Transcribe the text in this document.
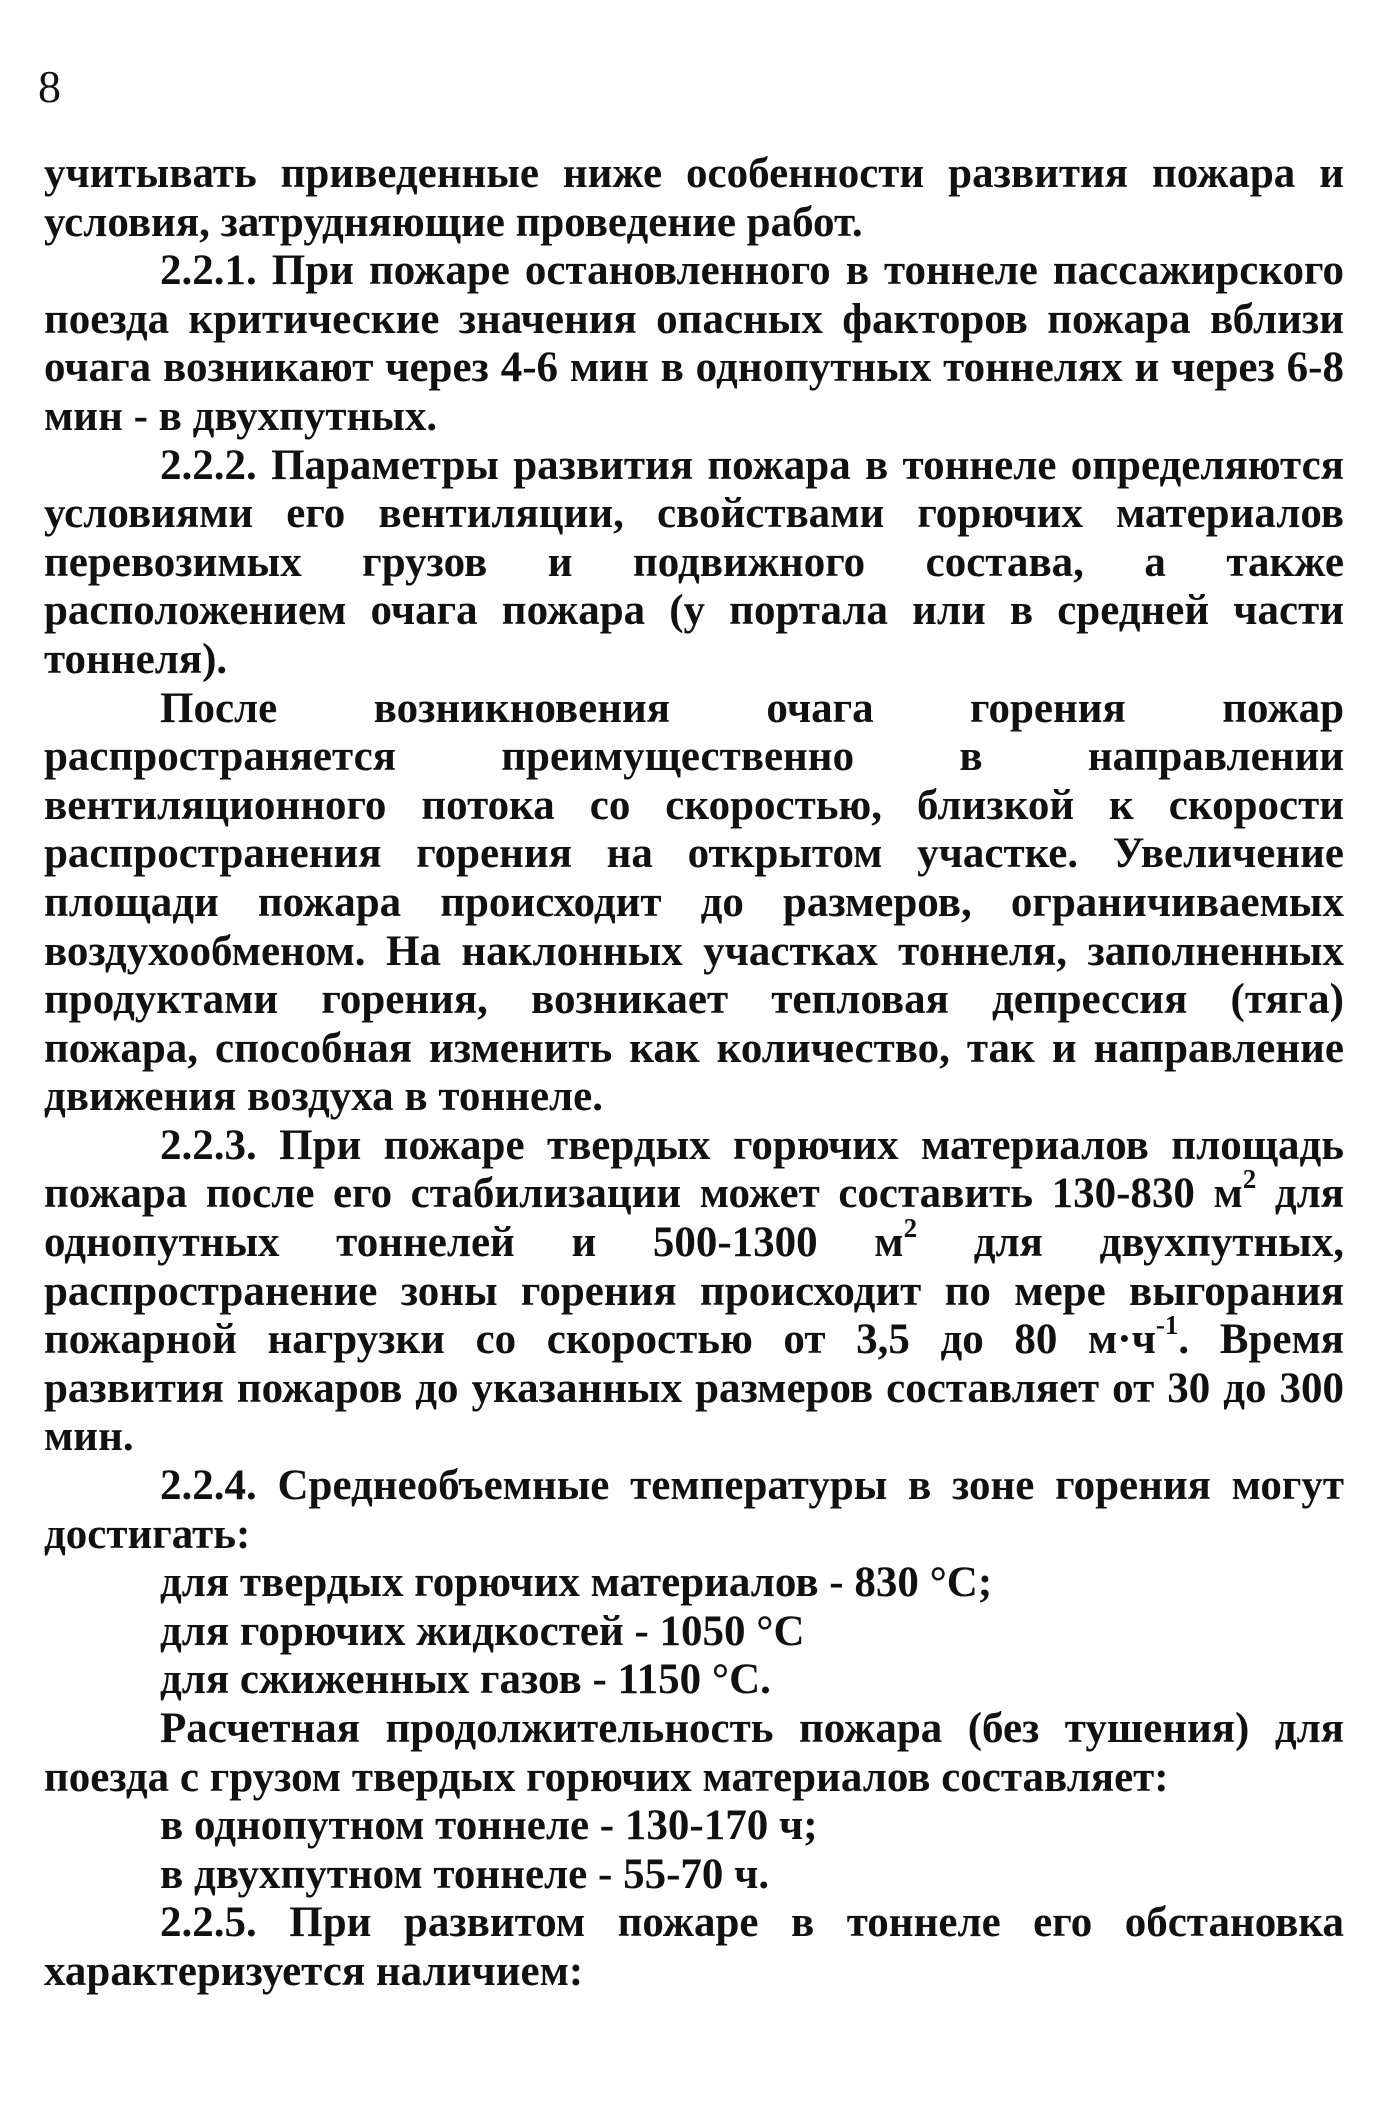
8

учитывать приведенные ниже особенности развития пожара и условия, затрудняющие проведение работ.

2.2.1. При пожаре остановленного в тоннеле пассажирского поезда критические значения опасных факторов пожара вблизи очага возникают через 4-6 мин в однопутных тоннелях и через 6-8 мин - в двухпутных.

2.2.2. Параметры развития пожара в тоннеле определяются условиями его вентиляции, свойствами горючих материалов перевозимых грузов и подвижного состава, а также расположением очага пожара (у портала или в средней части тоннеля).

После возникновения очага горения пожар распространяется преимущественно в направлении вентиляционного потока со скоростью, близкой к скорости распространения горения на открытом участке. Увеличение площади пожара происходит до размеров, ограничиваемых воздухообменом. На наклонных участках тоннеля, заполненных продуктами горения, возникает тепловая депрессия (тяга) пожара, способная изменить как количество, так и направление движения воздуха в тоннеле.

2.2.3. При пожаре твердых горючих материалов площадь пожара после его стабилизации может составить 130-830 $м^2$ для однопутных тоннелей и 500-1300 $м^2$ для двухпутных, распространение зоны горения происходит по мере выгорания пожарной нагрузки со скоростью от 3,5 до 80 $м\cdot ч^{-1}$. Время развития пожаров до указанных размеров составляет от 30 до 300 мин.

2.2.4. Среднеобъемные температуры в зоне горения могут достигать:

для твердых горючих материалов - 830 °С;

для горючих жидкостей - 1050 °С

для сжиженных газов - 1150 °С.

Расчетная продолжительность пожара (без тушения) для поезда с грузом твердых горючих материалов составляет:

в однопутном тоннеле - 130-170 ч;

в двухпутном тоннеле - 55-70 ч.

2.2.5. При развитом пожаре в тоннеле его обстановка характеризуется наличием:
